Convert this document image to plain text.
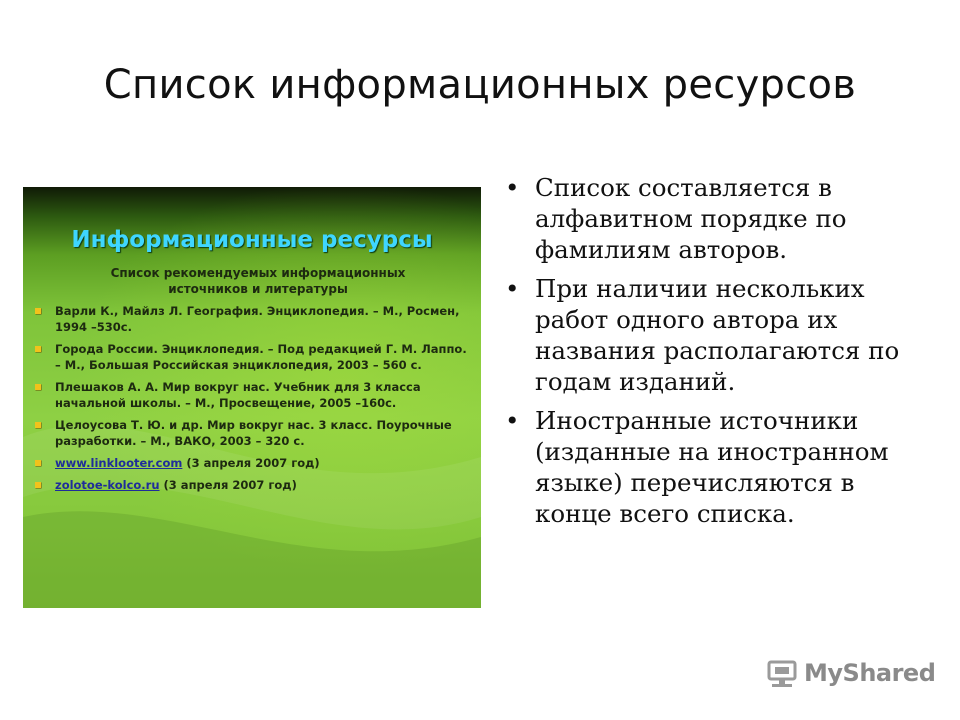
Список информационных ресурсов
Информационные ресурсы
Список рекомендуемых информационных
источников и литературы
Варли К., Майлз Л. География. Энциклопедия. – М., Росмен, 1994 –530с.
Города России. Энциклопедия. – Под редакцией Г. М. Лаппо. – М., Большая Российская энциклопедия, 2003 – 560 с.
Плешаков А. А. Мир вокруг нас. Учебник для 3 класса начальной школы. – М., Просвещение, 2005 –160с.
Целоусова Т. Ю. и др. Мир вокруг нас. 3 класс. Поурочные разработки. – М., ВАКО, 2003 – 320 с.
www.linklooter.com (3 апреля 2007 год)
zolotoe-kolco.ru (3 апреля 2007 год)
• Список составляется в алфавитном порядке по фамилиям авторов.
• При наличии нескольких работ одного автора их названия располагаются по годам изданий.
• Иностранные источники (изданные на иностранном языке) перечисляются в конце всего списка.
MyShared
